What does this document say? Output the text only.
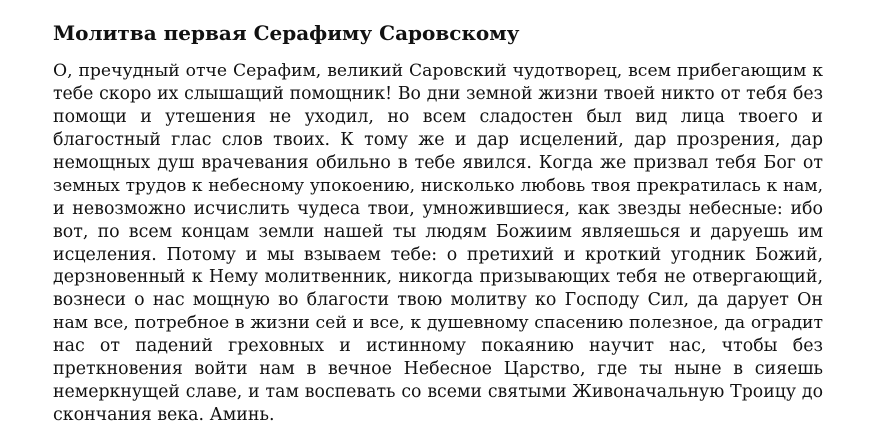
Молитва первая Серафиму Саровскому
О, пречудный отче Серафим, великий Саровский чудотворец, всем прибегающим к
тебе скоро их слышащий помощник! Во дни земной жизни твоей никто от тебя без
помощи и утешения не уходил, но всем сладостен был вид лица твоего и
благостный глас слов твоих. К тому же и дар исцелений, дар прозрения, дар
немощных душ врачевания обильно в тебе явился. Когда же призвал тебя Бог от
земных трудов к небесному упокоению, нисколько любовь твоя прекратилась к нам,
и невозможно исчислить чудеса твои, умножившиеся, как звезды небесные: ибо
вот, по всем концам земли нашей ты людям Божиим являешься и даруешь им
исцеления. Потому и мы взываем тебе: о претихий и кроткий угодник Божий,
дерзновенный к Нему молитвенник, никогда призывающих тебя не отвергающий,
вознеси о нас мощную во благости твою молитву ко Господу Сил, да дарует Он
нам все, потребное в жизни сей и все, к душевному спасению полезное, да оградит
нас от падений греховных и истинному покаянию научит нас, чтобы без
преткновения войти нам в вечное Небесное Царство, где ты ныне в сияешь
немеркнущей славе, и там воспевать со всеми святыми Живоначальную Троицу до
скончания века. Аминь.
